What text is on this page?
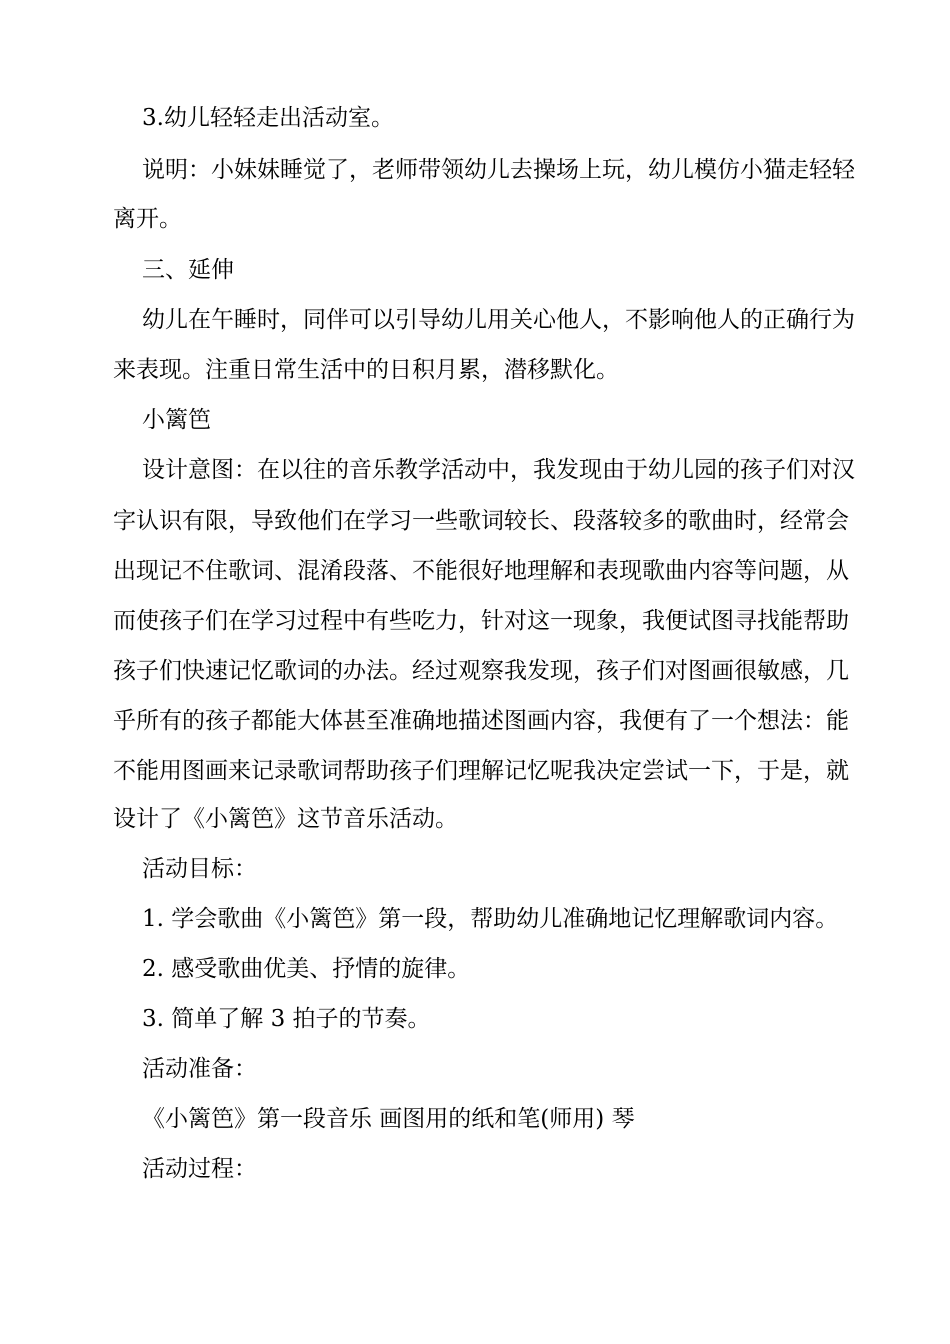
3.幼儿轻轻走出活动室。
说明：小妹妹睡觉了，老师带领幼儿去操场上玩，幼儿模仿小猫走轻轻
离开。
三、延伸
幼儿在午睡时，同伴可以引导幼儿用关心他人，不影响他人的正确行为
来表现。注重日常生活中的日积月累，潜移默化。
小篱笆
设计意图：在以往的音乐教学活动中，我发现由于幼儿园的孩子们对汉
字认识有限，导致他们在学习一些歌词较长、段落较多的歌曲时，经常会
出现记不住歌词、混淆段落、不能很好地理解和表现歌曲内容等问题，从
而使孩子们在学习过程中有些吃力，针对这一现象，我便试图寻找能帮助
孩子们快速记忆歌词的办法。经过观察我发现，孩子们对图画很敏感，几
乎所有的孩子都能大体甚至准确地描述图画内容，我便有了一个想法：能
不能用图画来记录歌词帮助孩子们理解记忆呢我决定尝试一下，于是，就
设计了《小篱笆》这节音乐活动。
活动目标：
1. 学会歌曲《小篱笆》第一段，帮助幼儿准确地记忆理解歌词内容。
2. 感受歌曲优美、抒情的旋律。
3. 简单了解 3 拍子的节奏。
活动准备：
《小篱笆》第一段音乐 画图用的纸和笔(师用) 琴
活动过程：
